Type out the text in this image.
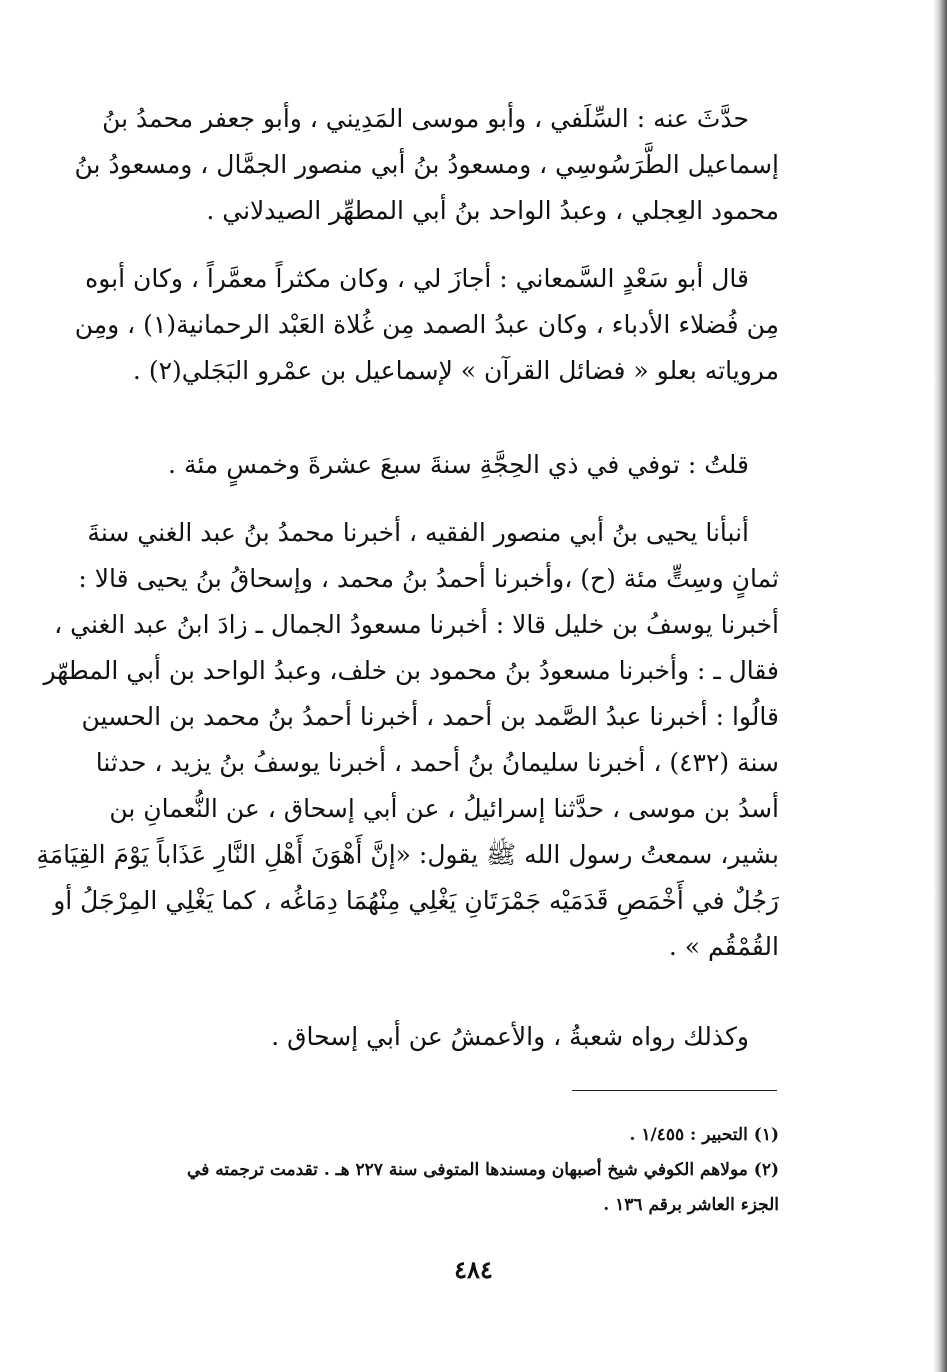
حدَّثَ عنه : السِّلَفي ، وأبو موسى المَدِيني ، وأبو جعفر محمدُ بنُ
إسماعيل الطَّرَسُوسِي ، ومسعودُ بنُ أبي منصور الجمَّال ، ومسعودُ بنُ
محمود العِجلي ، وعبدُ الواحد بنُ أبي المطهِّر الصيدلاني .
قال أبو سَعْدٍ السَّمعاني : أجازَ لي ، وكان مكثراً معمَّراً ، وكان أبوه
مِن فُضلاء الأدباء ، وكان عبدُ الصمد مِن غُلاة العَبْد الرحمانية(١) ، ومِن
مروياته بعلو « فضائل القرآن » لإسماعيل بن عمْرو البَجَلي(٢) .
قلتُ : توفي في ذي الحِجَّةِ سنةَ سبعَ عشرةَ وخمسٍ مئة .
أنبأنا يحيى بنُ أبي منصور الفقيه ، أخبرنا محمدُ بنُ عبد الغني سنةَ
ثمانٍ وسِتٍّ مئة (ح) ،وأخبرنا أحمدُ بنُ محمد ، وإسحاقُ بنُ يحيى قالا :
أخبرنا يوسفُ بن خليل قالا : أخبرنا مسعودُ الجمال ـ زادَ ابنُ عبد الغني ،
فقال ـ : وأخبرنا مسعودُ بنُ محمود بن خلف، وعبدُ الواحد بن أبي المطهّر
قالُوا : أخبرنا عبدُ الصَّمد بن أحمد ، أخبرنا أحمدُ بنُ محمد بن الحسين
سنة (٤٣٢) ، أخبرنا سليمانُ بنُ أحمد ، أخبرنا يوسفُ بنُ يزيد ، حدثنا
أسدُ بن موسى ، حدَّثنا إسرائيلُ ، عن أبي إسحاق ، عن النُّعمانِ بن
بشير، سمعتُ رسول الله ﷺ يقول: «إنَّ أَهْوَنَ أَهْلِ النَّارِ عَذَاباً يَوْمَ القِيَامَةِ
رَجُلٌ في أَخْمَصِ قَدَمَيْه جَمْرَتَانِ يَغْلِي مِنْهُمَا دِمَاغُه ، كما يَغْلِي المِرْجَلُ أو
القُمْقُم » .
وكذلك رواه شعبةُ ، والأعمشُ عن أبي إسحاق .
(١) التحبير : ١/٤٥٥ .
(٢) مولاهم الكوفي شيخ أصبهان ومسندها المتوفى سنة ٢٢٧ هـ . تقدمت ترجمته في
الجزء العاشر برقم ١٣٦ .
٤٨٤
